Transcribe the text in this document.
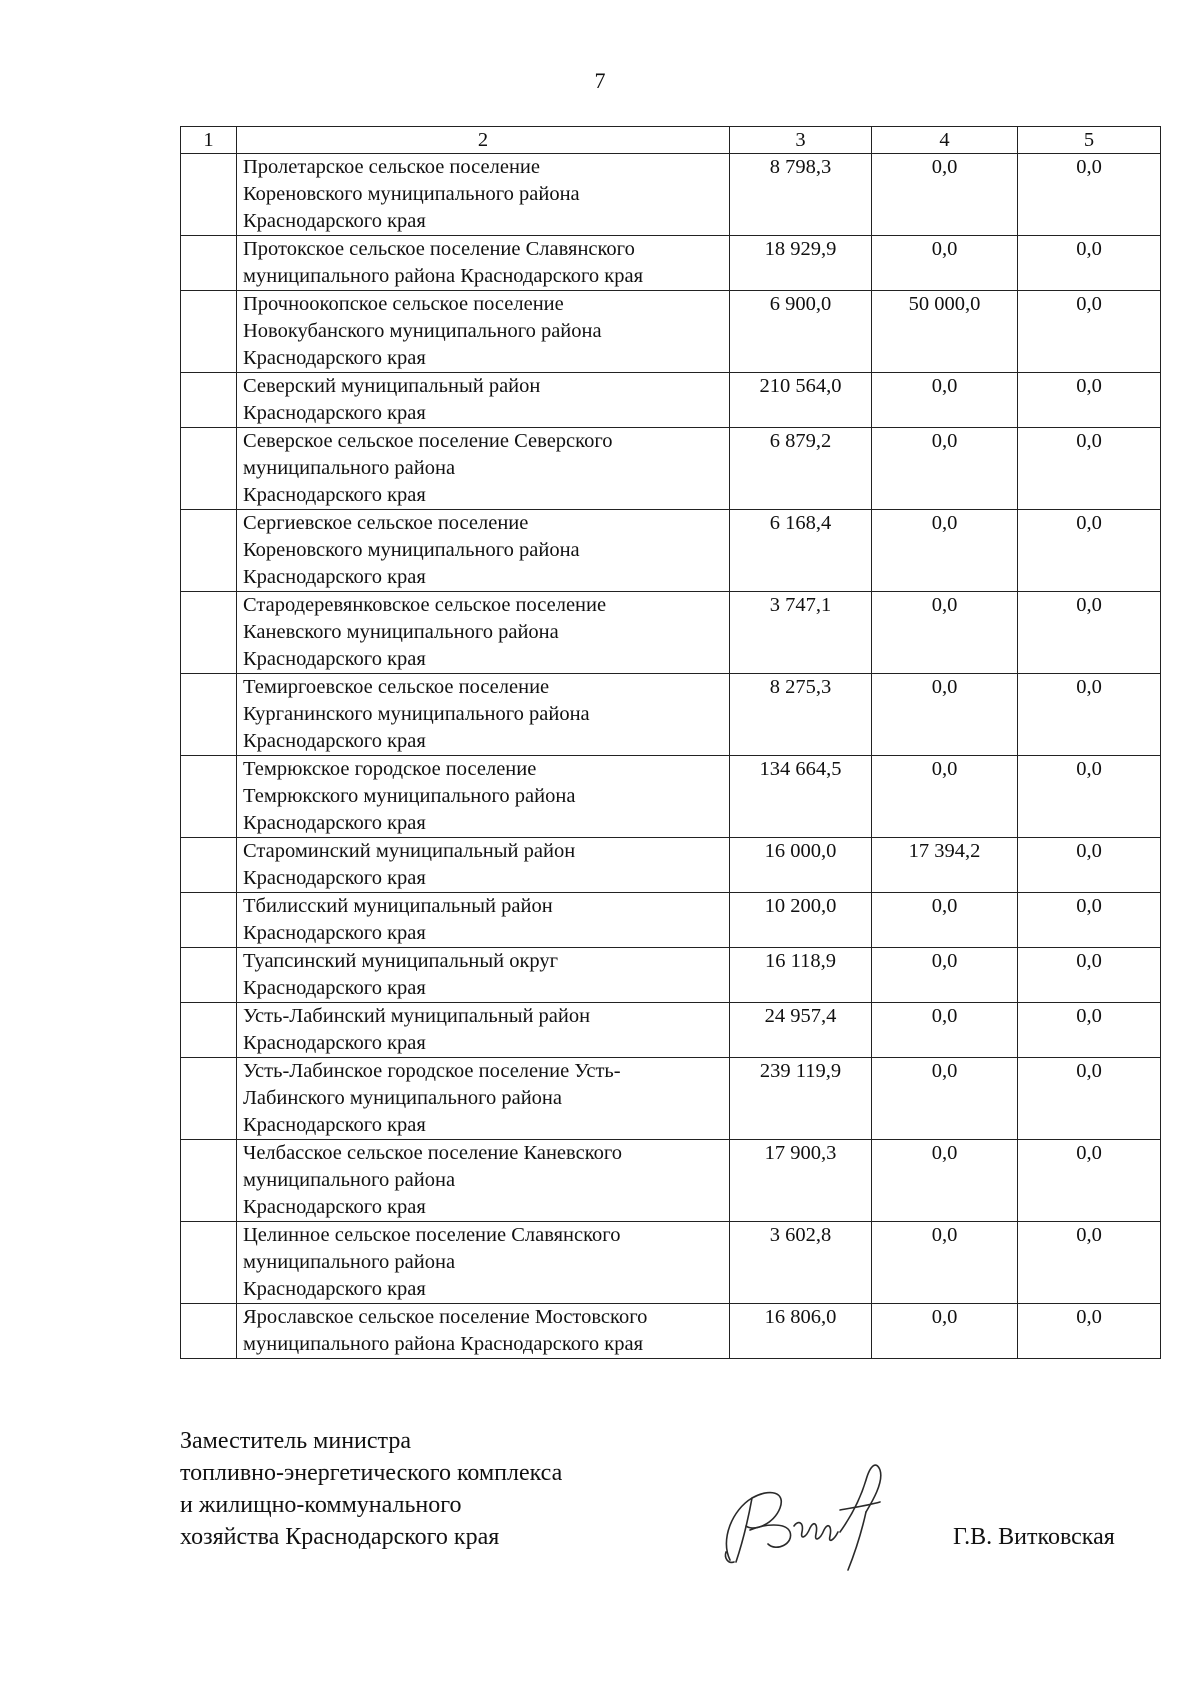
7
1	2	3	4	5

	Пролетарское сельское поселение
Кореновского муниципального района
Краснодарского края	8 798,3	0,0	0,0

	Протокское сельское поселение Славянского
муниципального района Краснодарского края	18 929,9	0,0	0,0

	Прочноокопское сельское поселение
Новокубанского муниципального района
Краснодарского края	6 900,0	50 000,0	0,0

	Северский муниципальный район
Краснодарского края	210 564,0	0,0	0,0

	Северское сельское поселение Северского
муниципального района
Краснодарского края	6 879,2	0,0	0,0

	Сергиевское сельское поселение
Кореновского муниципального района
Краснодарского края	6 168,4	0,0	0,0

	Стародеревянковское сельское поселение
Каневского муниципального района
Краснодарского края	3 747,1	0,0	0,0

	Темиргоевское сельское поселение
Курганинского муниципального района
Краснодарского края	8 275,3	0,0	0,0

	Темрюкское городское поселение
Темрюкского муниципального района
Краснодарского края	134 664,5	0,0	0,0

	Староминский муниципальный район
Краснодарского края	16 000,0	17 394,2	0,0

	Тбилисский муниципальный район
Краснодарского края	10 200,0	0,0	0,0

	Туапсинский муниципальный округ
Краснодарского края	16 118,9	0,0	0,0

	Усть-Лабинский муниципальный район
Краснодарского края	24 957,4	0,0	0,0

	Усть-Лабинское городское поселение Усть-
Лабинского муниципального района
Краснодарского края	239 119,9	0,0	0,0

	Челбасское сельское поселение Каневского
муниципального района
Краснодарского края	17 900,3	0,0	0,0

	Целинное сельское поселение Славянского
муниципального района
Краснодарского края	3 602,8	0,0	0,0

	Ярославское сельское поселение Мостовского
муниципального района Краснодарского края	16 806,0	0,0	0,0
Заместитель министра
топливно-энергетического комплекса
и жилищно-коммунального
хозяйства Краснодарского края	Г.В. Витковская
